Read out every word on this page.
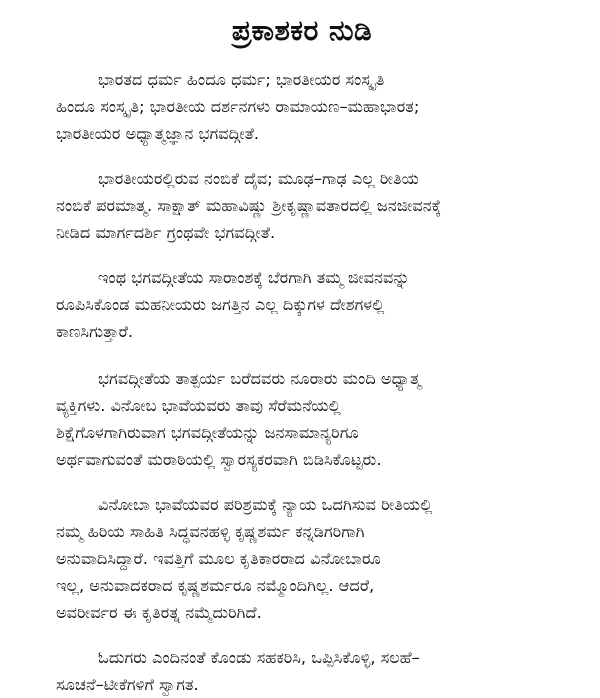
ಪ್ರಕಾಶಕರ ನುಡಿ

ಭಾರತದ ಧರ್ಮ ಹಿಂದೂ ಧರ್ಮ; ಭಾರತೀಯರ ಸಂಸ್ಕೃತಿ
ಹಿಂದೂ ಸಂಸ್ಕೃತಿ; ಭಾರತೀಯ ದರ್ಶನಗಳು ರಾಮಾಯಣ–ಮಹಾಭಾರತ;
ಭಾರತೀಯರ ಅಧ್ಯಾತ್ಮಜ್ಞಾನ ಭಗವದ್ಗೀತೆ.

ಭಾರತೀಯರಲ್ಲಿರುವ ನಂಬಿಕೆ ದೈವ; ಮೂಢ–ಗಾಢ ಎಲ್ಲ ರೀತಿಯ
ನಂಬಿಕೆ ಪರಮಾತ್ಮ. ಸಾಕ್ಷಾತ್ ಮಹಾವಿಷ್ಣು ಶ್ರೀಕೃಷ್ಣಾವತಾರದಲ್ಲಿ ಜನಜೀವನಕ್ಕೆ
ನೀಡಿದ ಮಾರ್ಗದರ್ಶಿ ಗ್ರಂಥವೇ ಭಗವದ್ಗೀತೆ.

ಇಂಥ ಭಗವದ್ಗೀತೆಯ ಸಾರಾಂಶಕ್ಕೆ ಬೆರಗಾಗಿ ತಮ್ಮ ಜೀವನವನ್ನು
ರೂಪಿಸಿಕೊಂಡ ಮಹನೀಯರು ಜಗತ್ತಿನ ಎಲ್ಲ ದಿಕ್ಕುಗಳ ದೇಶಗಳಲ್ಲಿ
ಕಾಣಸಿಗುತ್ತಾರೆ.

ಭಗವದ್ಗೀತೆಯ ತಾತ್ಪರ್ಯ ಬರೆದವರು ನೂರಾರು ಮಂದಿ ಅಧ್ಯಾತ್ಮ
ವ್ಯಕ್ತಿಗಳು. ವಿನೋಬ ಭಾವೆಯವರು ತಾವು ಸೆರೆಮನೆಯಲ್ಲಿ
ಶಿಕ್ಷೆಗೊಳಗಾಗಿರುವಾಗ ಭಗವದ್ಗೀತೆಯನ್ನು ಜನಸಾಮಾನ್ಯರಿಗೂ
ಅರ್ಥವಾಗುವಂತೆ ಮರಾಠಿಯಲ್ಲಿ ಸ್ವಾರಸ್ಯಕರವಾಗಿ ಬಿಡಿಸಿಕೊಟ್ಟರು.

ವಿನೋಬಾ ಭಾವೆಯವರ ಪರಿಶ್ರಮಕ್ಕೆ ನ್ಯಾಯ ಒದಗಿಸುವ ರೀತಿಯಲ್ಲಿ
ನಮ್ಮ ಹಿರಿಯ ಸಾಹಿತಿ ಸಿದ್ಧವನಹಳ್ಳಿ ಕೃಷ್ಣಶರ್ಮ ಕನ್ನಡಿಗರಿಗಾಗಿ
ಅನುವಾದಿಸಿದ್ದಾರೆ. ಇವತ್ತಿಗೆ ಮೂಲ ಕೃತಿಕಾರರಾದ ವಿನೋಬಾರೂ
ಇಲ್ಲ, ಅನುವಾದಕರಾದ ಕೃಷ್ಣಶರ್ಮರೂ ನಮ್ಮೊಂದಿಗಿಲ್ಲ. ಆದರೆ,
ಅವರೀರ್ವರ ಈ ಕೃತಿರತ್ನ ನಮ್ಮೆದುರಿಗಿದೆ.

ಓದುಗರು ಎಂದಿನಂತೆ ಕೊಂಡು ಸಹಕರಿಸಿ, ಒಪ್ಪಿಸಿಕೊಳ್ಳಿ, ಸಲಹೆ–
ಸೂಚನೆ–ಟೀಕೆಗಳಿಗೆ ಸ್ವಾಗತ.
